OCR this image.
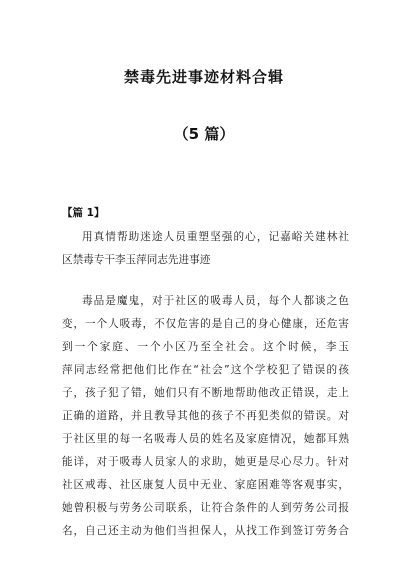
禁毒先进事迹材料合辑
（5 篇）
【篇 1】
用真情帮助迷途人员重塑坚强的心，记嘉峪关建林社
区禁毒专干李玉萍同志先进事迹
毒品是魔鬼，对于社区的吸毒人员，每个人都谈之色
变，一个人吸毒，不仅危害的是自己的身心健康，还危害
到一个家庭、一个小区乃至全社会。这个时候，李玉
萍同志经常把他们比作在“社会”这个学校犯了错误的孩
子，孩子犯了错，她们只有不断地帮助他改正错误，走上
正确的道路，并且教导其他的孩子不再犯类似的错误。对
于社区里的每一名吸毒人员的姓名及家庭情况，她都耳熟
能详，对于吸毒人员家人的求助，她更是尽心尽力。针对
社区戒毒、社区康复人员中无业、家庭困难等客观事实，
她曾积极与劳务公司联系，让符合条件的人到劳务公司报
名，自己还主动为他们当担保人，从找工作到签订劳务合
